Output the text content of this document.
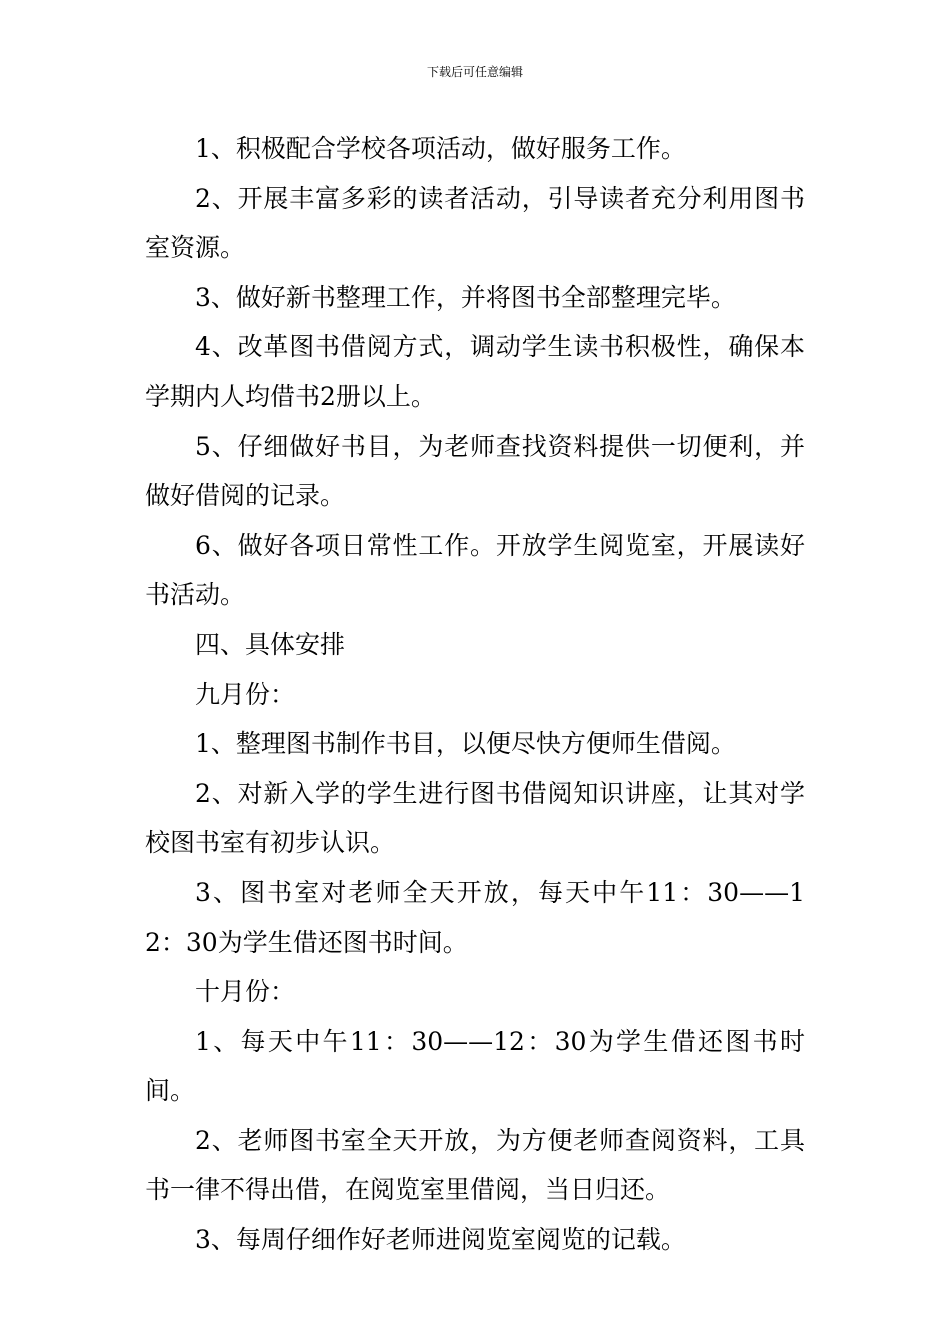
下载后可任意编辑

1、积极配合学校各项活动，做好服务工作。

2、开展丰富多彩的读者活动，引导读者充分利用图书室资源。

3、做好新书整理工作，并将图书全部整理完毕。

4、改革图书借阅方式，调动学生读书积极性，确保本学期内人均借书2册以上。

5、仔细做好书目，为老师查找资料提供一切便利，并做好借阅的记录。

6、做好各项日常性工作。开放学生阅览室，开展读好书活动。

四、具体安排

九月份：

1、整理图书制作书目，以便尽快方便师生借阅。

2、对新入学的学生进行图书借阅知识讲座，让其对学校图书室有初步认识。

3、图书室对老师全天开放，每天中午11：30——12：30为学生借还图书时间。

十月份：

1、每天中午11：30——12：30为学生借还图书时间。

2、老师图书室全天开放，为方便老师查阅资料，工具书一律不得出借，在阅览室里借阅，当日归还。

3、每周仔细作好老师进阅览室阅览的记载。
